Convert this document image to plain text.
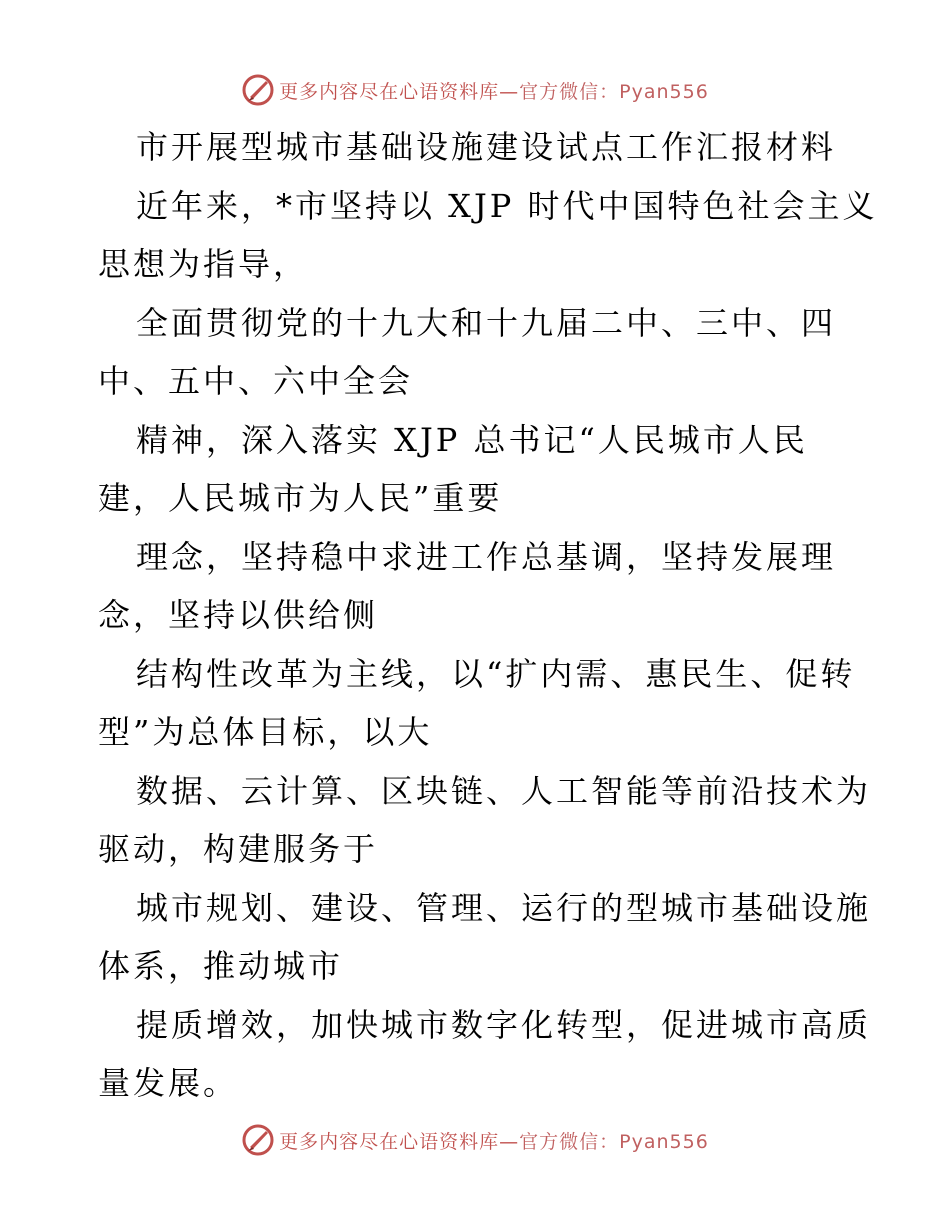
更多内容尽在心语资料库—官方微信：Pyan556
市开展型城市基础设施建设试点工作汇报材料
近年来，*市坚持以 XJP 时代中国特色社会主义
思想为指导，
全面贯彻党的十九大和十九届二中、三中、四
中、五中、六中全会
精神，深入落实 XJP 总书记“人民城市人民
建，人民城市为人民”重要
理念，坚持稳中求进工作总基调，坚持发展理
念，坚持以供给侧
结构性改革为主线，以“扩内需、惠民生、促转
型”为总体目标，以大
数据、云计算、区块链、人工智能等前沿技术为
驱动，构建服务于
城市规划、建设、管理、运行的型城市基础设施
体系，推动城市
提质增效，加快城市数字化转型，促进城市高质
量发展。
更多内容尽在心语资料库—官方微信：Pyan556
